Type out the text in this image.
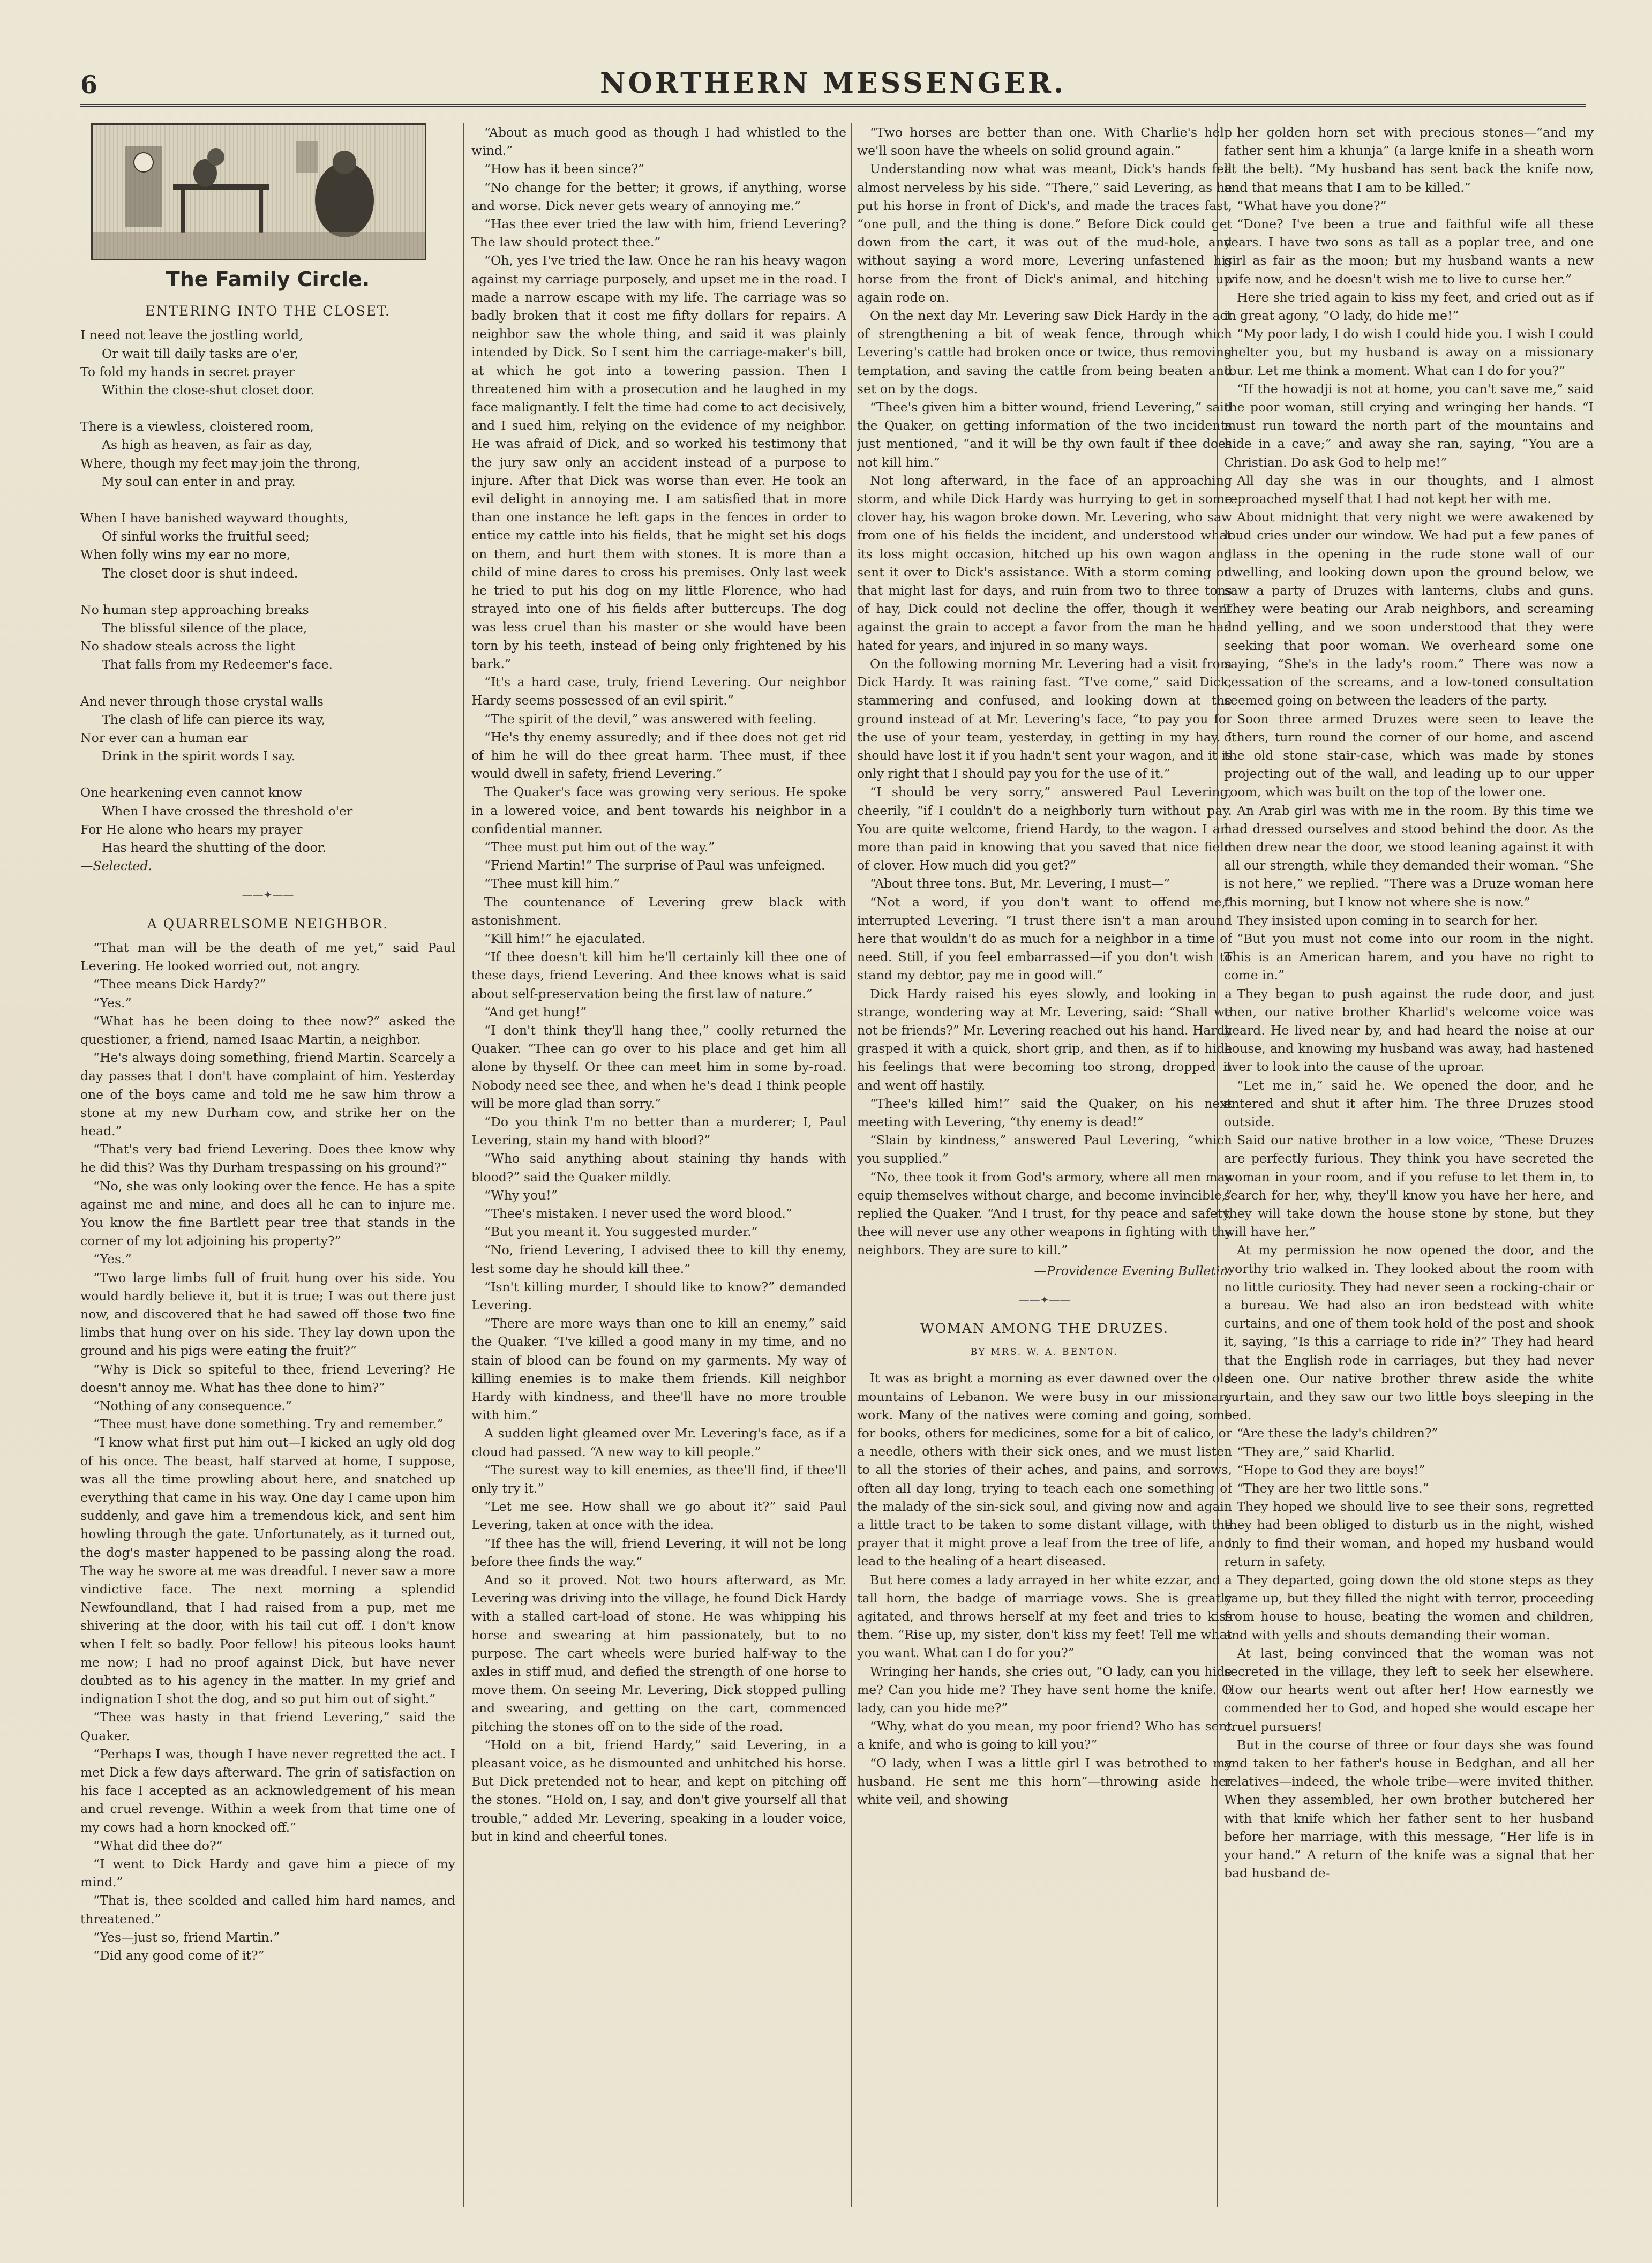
6	NORTHERN MESSENGER.
The Family Circle.
ENTERING INTO THE CLOSET.
I need not leave the jostling world,
Or wait till daily tasks are o'er,
To fold my hands in secret prayer
Within the close-shut closet door.
There is a viewless, cloistered room,
As high as heaven, as fair as day,
Where, though my feet may join the throng,
My soul can enter in and pray.
When I have banished wayward thoughts,
Of sinful works the fruitful seed;
When folly wins my ear no more,
The closet door is shut indeed.
No human step approaching breaks
The blissful silence of the place,
No shadow steals across the light
That falls from my Redeemer's face.
And never through those crystal walls
The clash of life can pierce its way,
Nor ever can a human ear
Drink in the spirit words I say.
One hearkening even cannot know
When I have crossed the threshold o'er
For He alone who hears my prayer
Has heard the shutting of the door.
—Selected.
——✦——
A QUARRELSOME NEIGHBOR.

“That man will be the death of me yet,” said Paul Levering. He looked worried out, not angry.

“Thee means Dick Hardy?”

“Yes.”

“What has he been doing to thee now?” asked the questioner, a friend, named Isaac Martin, a neighbor.

“He's always doing something, friend Martin. Scarcely a day passes that I don't have complaint of him. Yesterday one of the boys came and told me he saw him throw a stone at my new Durham cow, and strike her on the head.”

“That's very bad friend Levering. Does thee know why he did this? Was thy Durham trespassing on his ground?”

“No, she was only looking over the fence. He has a spite against me and mine, and does all he can to injure me. You know the fine Bartlett pear tree that stands in the corner of my lot adjoining his property?”

“Yes.”

“Two large limbs full of fruit hung over his side. You would hardly believe it, but it is true; I was out there just now, and discovered that he had sawed off those two fine limbs that hung over on his side. They lay down upon the ground and his pigs were eating the fruit?”

“Why is Dick so spiteful to thee, friend Levering? He doesn't annoy me. What has thee done to him?”

“Nothing of any consequence.”

“Thee must have done something. Try and remember.”

“I know what first put him out—I kicked an ugly old dog of his once. The beast, half starved at home, I suppose, was all the time prowling about here, and snatched up everything that came in his way. One day I came upon him suddenly, and gave him a tremendous kick, and sent him howling through the gate. Unfortunately, as it turned out, the dog's master happened to be passing along the road. The way he swore at me was dreadful. I never saw a more vindictive face. The next morning a splendid Newfoundland, that I had raised from a pup, met me shivering at the door, with his tail cut off. I don't know when I felt so badly. Poor fellow! his piteous looks haunt me now; I had no proof against Dick, but have never doubted as to his agency in the matter. In my grief and indignation I shot the dog, and so put him out of sight.”

“Thee was hasty in that friend Levering,” said the Quaker.

“Perhaps I was, though I have never regretted the act. I met Dick a few days afterward. The grin of satisfaction on his face I accepted as an acknowledgement of his mean and cruel revenge. Within a week from that time one of my cows had a horn knocked off.”

“What did thee do?”

“I went to Dick Hardy and gave him a piece of my mind.”

“That is, thee scolded and called him hard names, and threatened.”

“Yes—just so, friend Martin.”

“Did any good come of it?”

“About as much good as though I had whistled to the wind.”

“How has it been since?”

“No change for the better; it grows, if anything, worse and worse. Dick never gets weary of annoying me.”

“Has thee ever tried the law with him, friend Levering? The law should protect thee.”

“Oh, yes I've tried the law. Once he ran his heavy wagon against my carriage purposely, and upset me in the road. I made a narrow escape with my life. The carriage was so badly broken that it cost me fifty dollars for repairs. A neighbor saw the whole thing, and said it was plainly intended by Dick. So I sent him the carriage-maker's bill, at which he got into a towering passion. Then I threatened him with a prosecution and he laughed in my face malignantly. I felt the time had come to act decisively, and I sued him, relying on the evidence of my neighbor. He was afraid of Dick, and so worked his testimony that the jury saw only an accident instead of a purpose to injure. After that Dick was worse than ever. He took an evil delight in annoying me. I am satisfied that in more than one instance he left gaps in the fences in order to entice my cattle into his fields, that he might set his dogs on them, and hurt them with stones. It is more than a child of mine dares to cross his premises. Only last week he tried to put his dog on my little Florence, who had strayed into one of his fields after buttercups. The dog was less cruel than his master or she would have been torn by his teeth, instead of being only frightened by his bark.”

“It's a hard case, truly, friend Levering. Our neighbor Hardy seems possessed of an evil spirit.”

“The spirit of the devil,” was answered with feeling.

“He's thy enemy assuredly; and if thee does not get rid of him he will do thee great harm. Thee must, if thee would dwell in safety, friend Levering.”

The Quaker's face was growing very serious. He spoke in a lowered voice, and bent towards his neighbor in a confidential manner.

“Thee must put him out of the way.”

“Friend Martin!” The surprise of Paul was unfeigned.

“Thee must kill him.”

The countenance of Levering grew black with astonishment.

“Kill him!” he ejaculated.

“If thee doesn't kill him he'll certainly kill thee one of these days, friend Levering. And thee knows what is said about self-preservation being the first law of nature.”

“And get hung!”

“I don't think they'll hang thee,” coolly returned the Quaker. “Thee can go over to his place and get him all alone by thyself. Or thee can meet him in some by-road. Nobody need see thee, and when he's dead I think people will be more glad than sorry.”

“Do you think I'm no better than a murderer; I, Paul Levering, stain my hand with blood?”

“Who said anything about staining thy hands with blood?” said the Quaker mildly.

“Why you!”

“Thee's mistaken. I never used the word blood.”

“But you meant it. You suggested murder.”

“No, friend Levering, I advised thee to kill thy enemy, lest some day he should kill thee.”

“Isn't killing murder, I should like to know?” demanded Levering.

“There are more ways than one to kill an enemy,” said the Quaker. “I've killed a good many in my time, and no stain of blood can be found on my garments. My way of killing enemies is to make them friends. Kill neighbor Hardy with kindness, and thee'll have no more trouble with him.”

A sudden light gleamed over Mr. Levering's face, as if a cloud had passed. “A new way to kill people.”

“The surest way to kill enemies, as thee'll find, if thee'll only try it.”

“Let me see. How shall we go about it?” said Paul Levering, taken at once with the idea.

“If thee has the will, friend Levering, it will not be long before thee finds the way.”

And so it proved. Not two hours afterward, as Mr. Levering was driving into the village, he found Dick Hardy with a stalled cart-load of stone. He was whipping his horse and swearing at him passionately, but to no purpose. The cart wheels were buried half-way to the axles in stiff mud, and defied the strength of one horse to move them. On seeing Mr. Levering, Dick stopped pulling and swearing, and getting on the cart, commenced pitching the stones off on to the side of the road.

“Hold on a bit, friend Hardy,” said Levering, in a pleasant voice, as he dismounted and unhitched his horse. But Dick pretended not to hear, and kept on pitching off the stones. “Hold on, I say, and don't give yourself all that trouble,” added Mr. Levering, speaking in a louder voice, but in kind and cheerful tones.

“Two horses are better than one. With Charlie's help we'll soon have the wheels on solid ground again.”

Understanding now what was meant, Dick's hands fell almost nerveless by his side. “There,” said Levering, as he put his horse in front of Dick's, and made the traces fast, “one pull, and the thing is done.” Before Dick could get down from the cart, it was out of the mud-hole, and without saying a word more, Levering unfastened his horse from the front of Dick's animal, and hitching up again rode on.

On the next day Mr. Levering saw Dick Hardy in the act of strengthening a bit of weak fence, through which Levering's cattle had broken once or twice, thus removing temptation, and saving the cattle from being beaten and set on by the dogs.

“Thee's given him a bitter wound, friend Levering,” said the Quaker, on getting information of the two incidents just mentioned, “and it will be thy own fault if thee does not kill him.”

Not long afterward, in the face of an approaching storm, and while Dick Hardy was hurrying to get in some clover hay, his wagon broke down. Mr. Levering, who saw from one of his fields the incident, and understood what its loss might occasion, hitched up his own wagon and sent it over to Dick's assistance. With a storm coming on that might last for days, and ruin from two to three tons of hay, Dick could not decline the offer, though it went against the grain to accept a favor from the man he had hated for years, and injured in so many ways.

On the following morning Mr. Levering had a visit from Dick Hardy. It was raining fast. “I've come,” said Dick, stammering and confused, and looking down at the ground instead of at Mr. Levering's face, “to pay you for the use of your team, yesterday, in getting in my hay. I should have lost it if you hadn't sent your wagon, and it is only right that I should pay you for the use of it.”

“I should be very sorry,” answered Paul Levering, cheerily, “if I couldn't do a neighborly turn without pay. You are quite welcome, friend Hardy, to the wagon. I am more than paid in knowing that you saved that nice field of clover. How much did you get?”

“About three tons. But, Mr. Levering, I must—”

“Not a word, if you don't want to offend me,” interrupted Levering. “I trust there isn't a man around here that wouldn't do as much for a neighbor in a time of need. Still, if you feel embarrassed—if you don't wish to stand my debtor, pay me in good will.”

Dick Hardy raised his eyes slowly, and looking in a strange, wondering way at Mr. Levering, said: “Shall we not be friends?” Mr. Levering reached out his hand. Hardy grasped it with a quick, short grip, and then, as if to hide his feelings that were becoming too strong, dropped it and went off hastily.

“Thee's killed him!” said the Quaker, on his next meeting with Levering, “thy enemy is dead!”

“Slain by kindness,” answered Paul Levering, “which you supplied.”

“No, thee took it from God's armory, where all men may equip themselves without charge, and become invincible,” replied the Quaker. “And I trust, for thy peace and safety, thee will never use any other weapons in fighting with thy neighbors. They are sure to kill.”

—Providence Evening Bulletin.
——✦——
WOMAN AMONG THE DRUZES.
BY MRS. W. A. BENTON.

It was as bright a morning as ever dawned over the old mountains of Lebanon. We were busy in our missionary work. Many of the natives were coming and going, some for books, others for medicines, some for a bit of calico, or a needle, others with their sick ones, and we must listen to all the stories of their aches, and pains, and sorrows, often all day long, trying to teach each one something of the malady of the sin-sick soul, and giving now and again a little tract to be taken to some distant village, with the prayer that it might prove a leaf from the tree of life, and lead to the healing of a heart diseased.

But here comes a lady arrayed in her white ezzar, and a tall horn, the badge of marriage vows. She is greatly agitated, and throws herself at my feet and tries to kiss them. “Rise up, my sister, don't kiss my feet! Tell me what you want. What can I do for you?”

Wringing her hands, she cries out, “O lady, can you hide me? Can you hide me? They have sent home the knife. O lady, can you hide me?”

“Why, what do you mean, my poor friend? Who has sent a knife, and who is going to kill you?”

“O lady, when I was a little girl I was betrothed to my husband. He sent me this horn”—throwing aside her white veil, and showing

her golden horn set with precious stones—“and my father sent him a khunja” (a large knife in a sheath worn at the belt). “My husband has sent back the knife now, and that means that I am to be killed.”

“What have you done?”

“Done? I've been a true and faithful wife all these years. I have two sons as tall as a poplar tree, and one girl as fair as the moon; but my husband wants a new wife now, and he doesn't wish me to live to curse her.”

Here she tried again to kiss my feet, and cried out as if in great agony, “O lady, do hide me!”

“My poor lady, I do wish I could hide you. I wish I could shelter you, but my husband is away on a missionary tour. Let me think a moment. What can I do for you?”

“If the howadji is not at home, you can't save me,” said the poor woman, still crying and wringing her hands. “I must run toward the north part of the mountains and hide in a cave;” and away she ran, saying, “You are a Christian. Do ask God to help me!”

All day she was in our thoughts, and I almost reproached myself that I had not kept her with me.

About midnight that very night we were awakened by loud cries under our window. We had put a few panes of glass in the opening in the rude stone wall of our dwelling, and looking down upon the ground below, we saw a party of Druzes with lanterns, clubs and guns. They were beating our Arab neighbors, and screaming and yelling, and we soon understood that they were seeking that poor woman. We overheard some one saying, “She's in the lady's room.” There was now a cessation of the screams, and a low-toned consultation seemed going on between the leaders of the party.

Soon three armed Druzes were seen to leave the others, turn round the corner of our home, and ascend the old stone stair-case, which was made by stones projecting out of the wall, and leading up to our upper room, which was built on the top of the lower one.

An Arab girl was with me in the room. By this time we had dressed ourselves and stood behind the door. As the men drew near the door, we stood leaning against it with all our strength, while they demanded their woman. “She is not here,” we replied. “There was a Druze woman here this morning, but I know not where she is now.”

They insisted upon coming in to search for her.

“But you must not come into our room in the night. This is an American harem, and you have no right to come in.”

They began to push against the rude door, and just then, our native brother Kharlid's welcome voice was heard. He lived near by, and had heard the noise at our house, and knowing my husband was away, had hastened over to look into the cause of the uproar.

“Let me in,” said he. We opened the door, and he entered and shut it after him. The three Druzes stood outside.

Said our native brother in a low voice, “These Druzes are perfectly furious. They think you have secreted the woman in your room, and if you refuse to let them in, to search for her, why, they'll know you have her here, and they will take down the house stone by stone, but they will have her.”

At my permission he now opened the door, and the worthy trio walked in. They looked about the room with no little curiosity. They had never seen a rocking-chair or a bureau. We had also an iron bedstead with white curtains, and one of them took hold of the post and shook it, saying, “Is this a carriage to ride in?” They had heard that the English rode in carriages, but they had never seen one. Our native brother threw aside the white curtain, and they saw our two little boys sleeping in the bed.

“Are these the lady's children?”

“They are,” said Kharlid.

“Hope to God they are boys!”

“They are her two little sons.”

They hoped we should live to see their sons, regretted they had been obliged to disturb us in the night, wished only to find their woman, and hoped my husband would return in safety.

They departed, going down the old stone steps as they came up, but they filled the night with terror, proceeding from house to house, beating the women and children, and with yells and shouts demanding their woman.

At last, being convinced that the woman was not secreted in the village, they left to seek her elsewhere. How our hearts went out after her! How earnestly we commended her to God, and hoped she would escape her cruel pursuers!

But in the course of three or four days she was found and taken to her father's house in Bedghan, and all her relatives—indeed, the whole tribe—were invited thither. When they assembled, her own brother butchered her with that knife which her father sent to her husband before her marriage, with this message, “Her life is in your hand.” A return of the knife was a signal that her bad husband de-
